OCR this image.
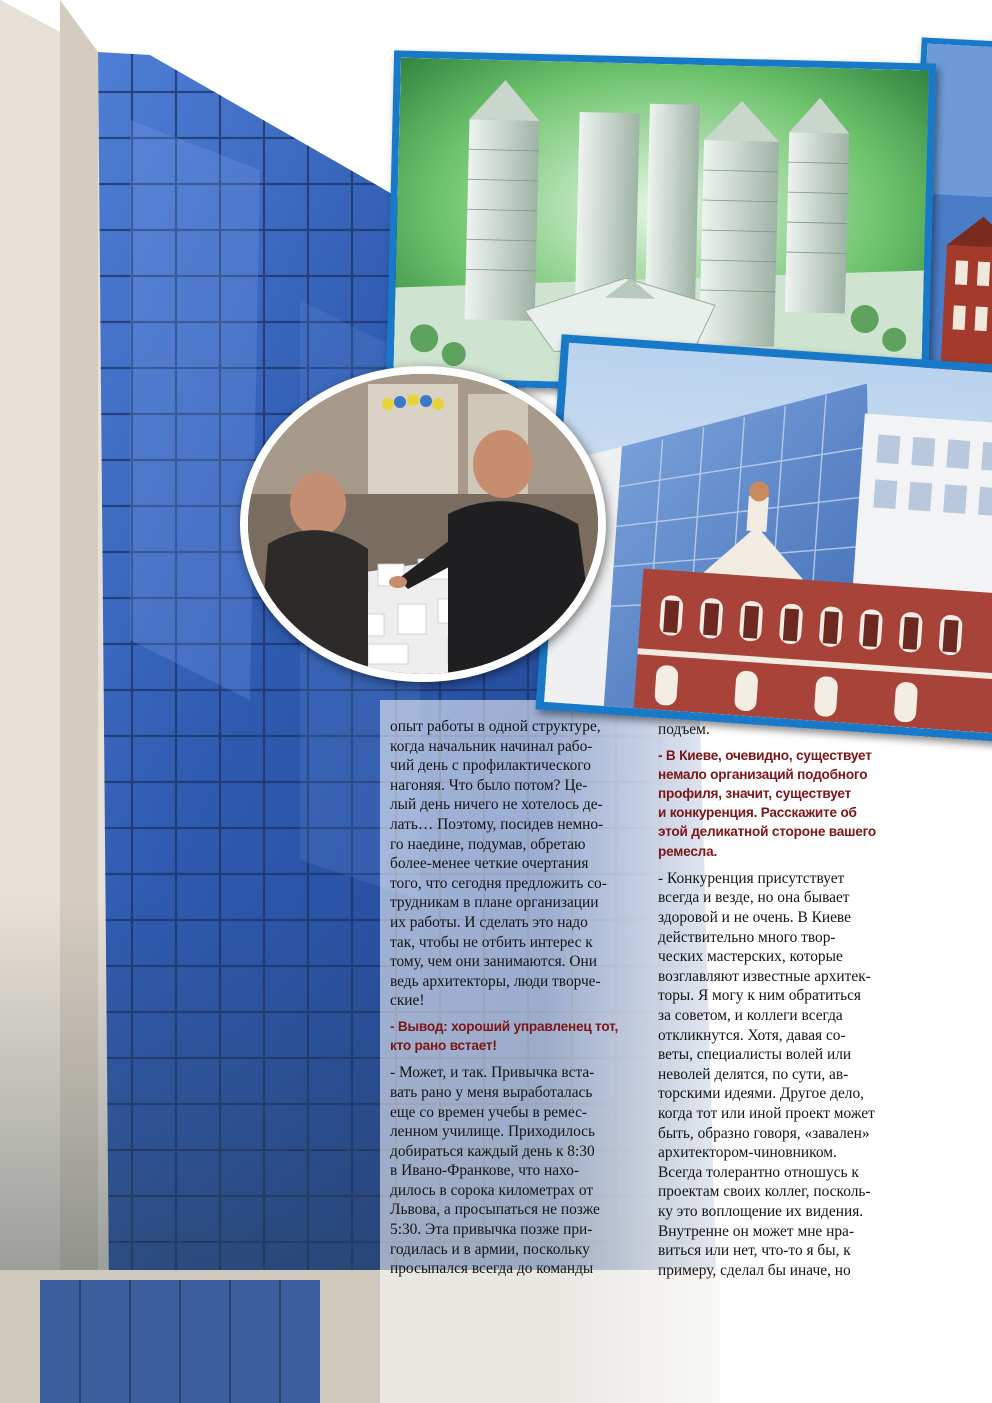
опыт работы в одной структуре,
когда начальник начинал рабо-
чий день с профилактического
нагоняя. Что было потом? Це-
лый день ничего не хотелось де-
лать… Поэтому, посидев немно-
го наедине, подумав, обретаю
более-менее четкие очертания
того, что сегодня предложить со-
трудникам в плане организации
их работы. И сделать это надо
так, чтобы не отбить интерес к
тому, чем они занимаются. Они
ведь архитекторы, люди творче-
ские!

- Вывод: хороший управленец тот,
кто рано встает!

- Может, и так. Привычка вста-
вать рано у меня выработалась
еще со времен учебы в ремес-
ленном училище. Приходилось
добираться каждый день к 8:30
в Ивано-Франкове, что нахо-
дилось в сорока километрах от
Львова, а просыпаться не позже
5:30. Эта привычка позже при-
годилась и в армии, поскольку
просыпался всегда до команды

подъем.

- В Киеве, очевидно, существует
немало организаций подобного
профиля, значит, существует
и конкуренция. Расскажите об
этой деликатной стороне вашего
ремесла.

- Конкуренция присутствует
всегда и везде, но она бывает
здоровой и не очень. В Киеве
действительно много твор-
ческих мастерских, которые
возглавляют известные архитек-
торы. Я могу к ним обратиться
за советом, и коллеги всегда
откликнутся. Хотя, давая со-
веты, специалисты волей или
неволей делятся, по сути, ав-
торскими идеями. Другое дело,
когда тот или иной проект может
быть, образно говоря, «завален»
архитектором-чиновником.
Всегда толерантно отношусь к
проектам своих коллег, посколь-
ку это воплощение их видения.
Внутренне он может мне нра-
виться или нет, что-то я бы, к
примеру, сделал бы иначе, но
